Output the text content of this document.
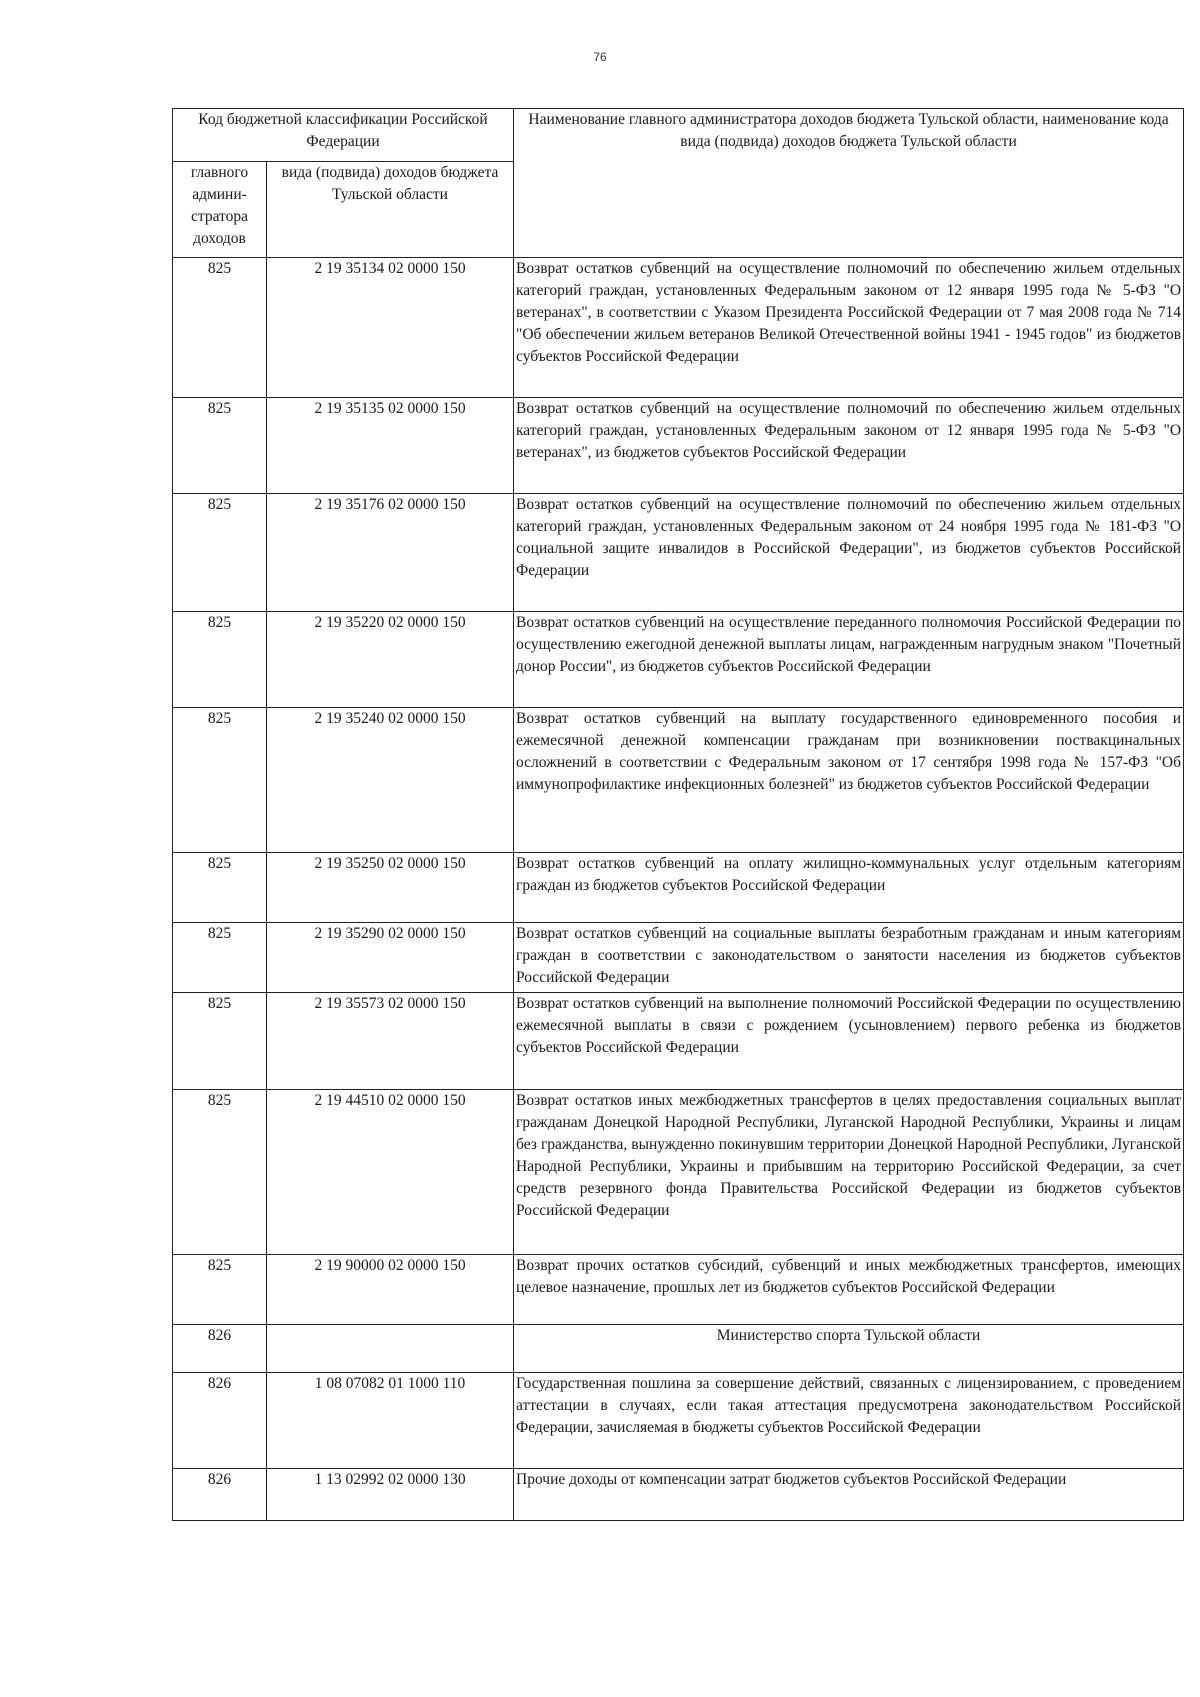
76
Код бюджетной классификации Российской Федерации		Наименование главного администратора доходов бюджета Тульской области, наименование кода вида (подвида) доходов бюджета Тульской области
главного админи-стратора доходов	вида (подвида) доходов бюджета Тульской области	
825	2 19 35134 02 0000 150	Возврат остатков субвенций на осуществление полномочий по обеспечению жильем отдельных категорий граждан, установленных Федеральным законом от 12 января 1995 года № 5-ФЗ "О ветеранах", в соответствии с Указом Президента Российской Федерации от 7 мая 2008 года № 714 "Об обеспечении жильем ветеранов Великой Отечественной войны 1941 - 1945 годов" из бюджетов субъектов Российской Федерации
825	2 19 35135 02 0000 150	Возврат остатков субвенций на осуществление полномочий по обеспечению жильем отдельных категорий граждан, установленных Федеральным законом от 12 января 1995 года № 5-ФЗ "О ветеранах", из бюджетов субъектов Российской Федерации
825	2 19 35176 02 0000 150	Возврат остатков субвенций на осуществление полномочий по обеспечению жильем отдельных категорий граждан, установленных Федеральным законом от 24 ноября 1995 года № 181-ФЗ "О социальной защите инвалидов в Российской Федерации", из бюджетов субъектов Российской Федерации
825	2 19 35220 02 0000 150	Возврат остатков субвенций на осуществление переданного полномочия Российской Федерации по осуществлению ежегодной денежной выплаты лицам, награжденным нагрудным знаком "Почетный донор России", из бюджетов субъектов Российской Федерации
825	2 19 35240 02 0000 150	Возврат остатков субвенций на выплату государственного единовременного пособия и ежемесячной денежной компенсации гражданам при возникновении поствакцинальных осложнений в соответствии с Федеральным законом от 17 сентября 1998 года № 157-ФЗ "Об иммунопрофилактике инфекционных болезней" из бюджетов субъектов Российской Федерации
825	2 19 35250 02 0000 150	Возврат остатков субвенций на оплату жилищно-коммунальных услуг отдельным категориям граждан из бюджетов субъектов Российской Федерации
825	2 19 35290 02 0000 150	Возврат остатков субвенций на социальные выплаты безработным гражданам и иным категориям граждан в соответствии с законодательством о занятости населения из бюджетов субъектов Российской Федерации
825	2 19 35573 02 0000 150	Возврат остатков субвенций на выполнение полномочий Российской Федерации по осуществлению ежемесячной выплаты в связи с рождением (усыновлением) первого ребенка из бюджетов субъектов Российской Федерации
825	2 19 44510 02 0000 150	Возврат остатков иных межбюджетных трансфертов в целях предоставления социальных выплат гражданам Донецкой Народной Республики, Луганской Народной Республики, Украины и лицам без гражданства, вынужденно покинувшим территории Донецкой Народной Республики, Луганской Народной Республики, Украины и прибывшим на территорию Российской Федерации, за счет средств резервного фонда Правительства Российской Федерации из бюджетов субъектов Российской Федерации
825	2 19 90000 02 0000 150	Возврат прочих остатков субсидий, субвенций и иных межбюджетных трансфертов, имеющих целевое назначение, прошлых лет из бюджетов субъектов Российской Федерации
826		Министерство спорта Тульской области
826	1 08 07082 01 1000 110	Государственная пошлина за совершение действий, связанных с лицензированием, с проведением аттестации в случаях, если такая аттестация предусмотрена законодательством Российской Федерации, зачисляемая в бюджеты субъектов Российской Федерации
826	1 13 02992 02 0000 130	Прочие доходы от компенсации затрат бюджетов субъектов Российской Федерации
